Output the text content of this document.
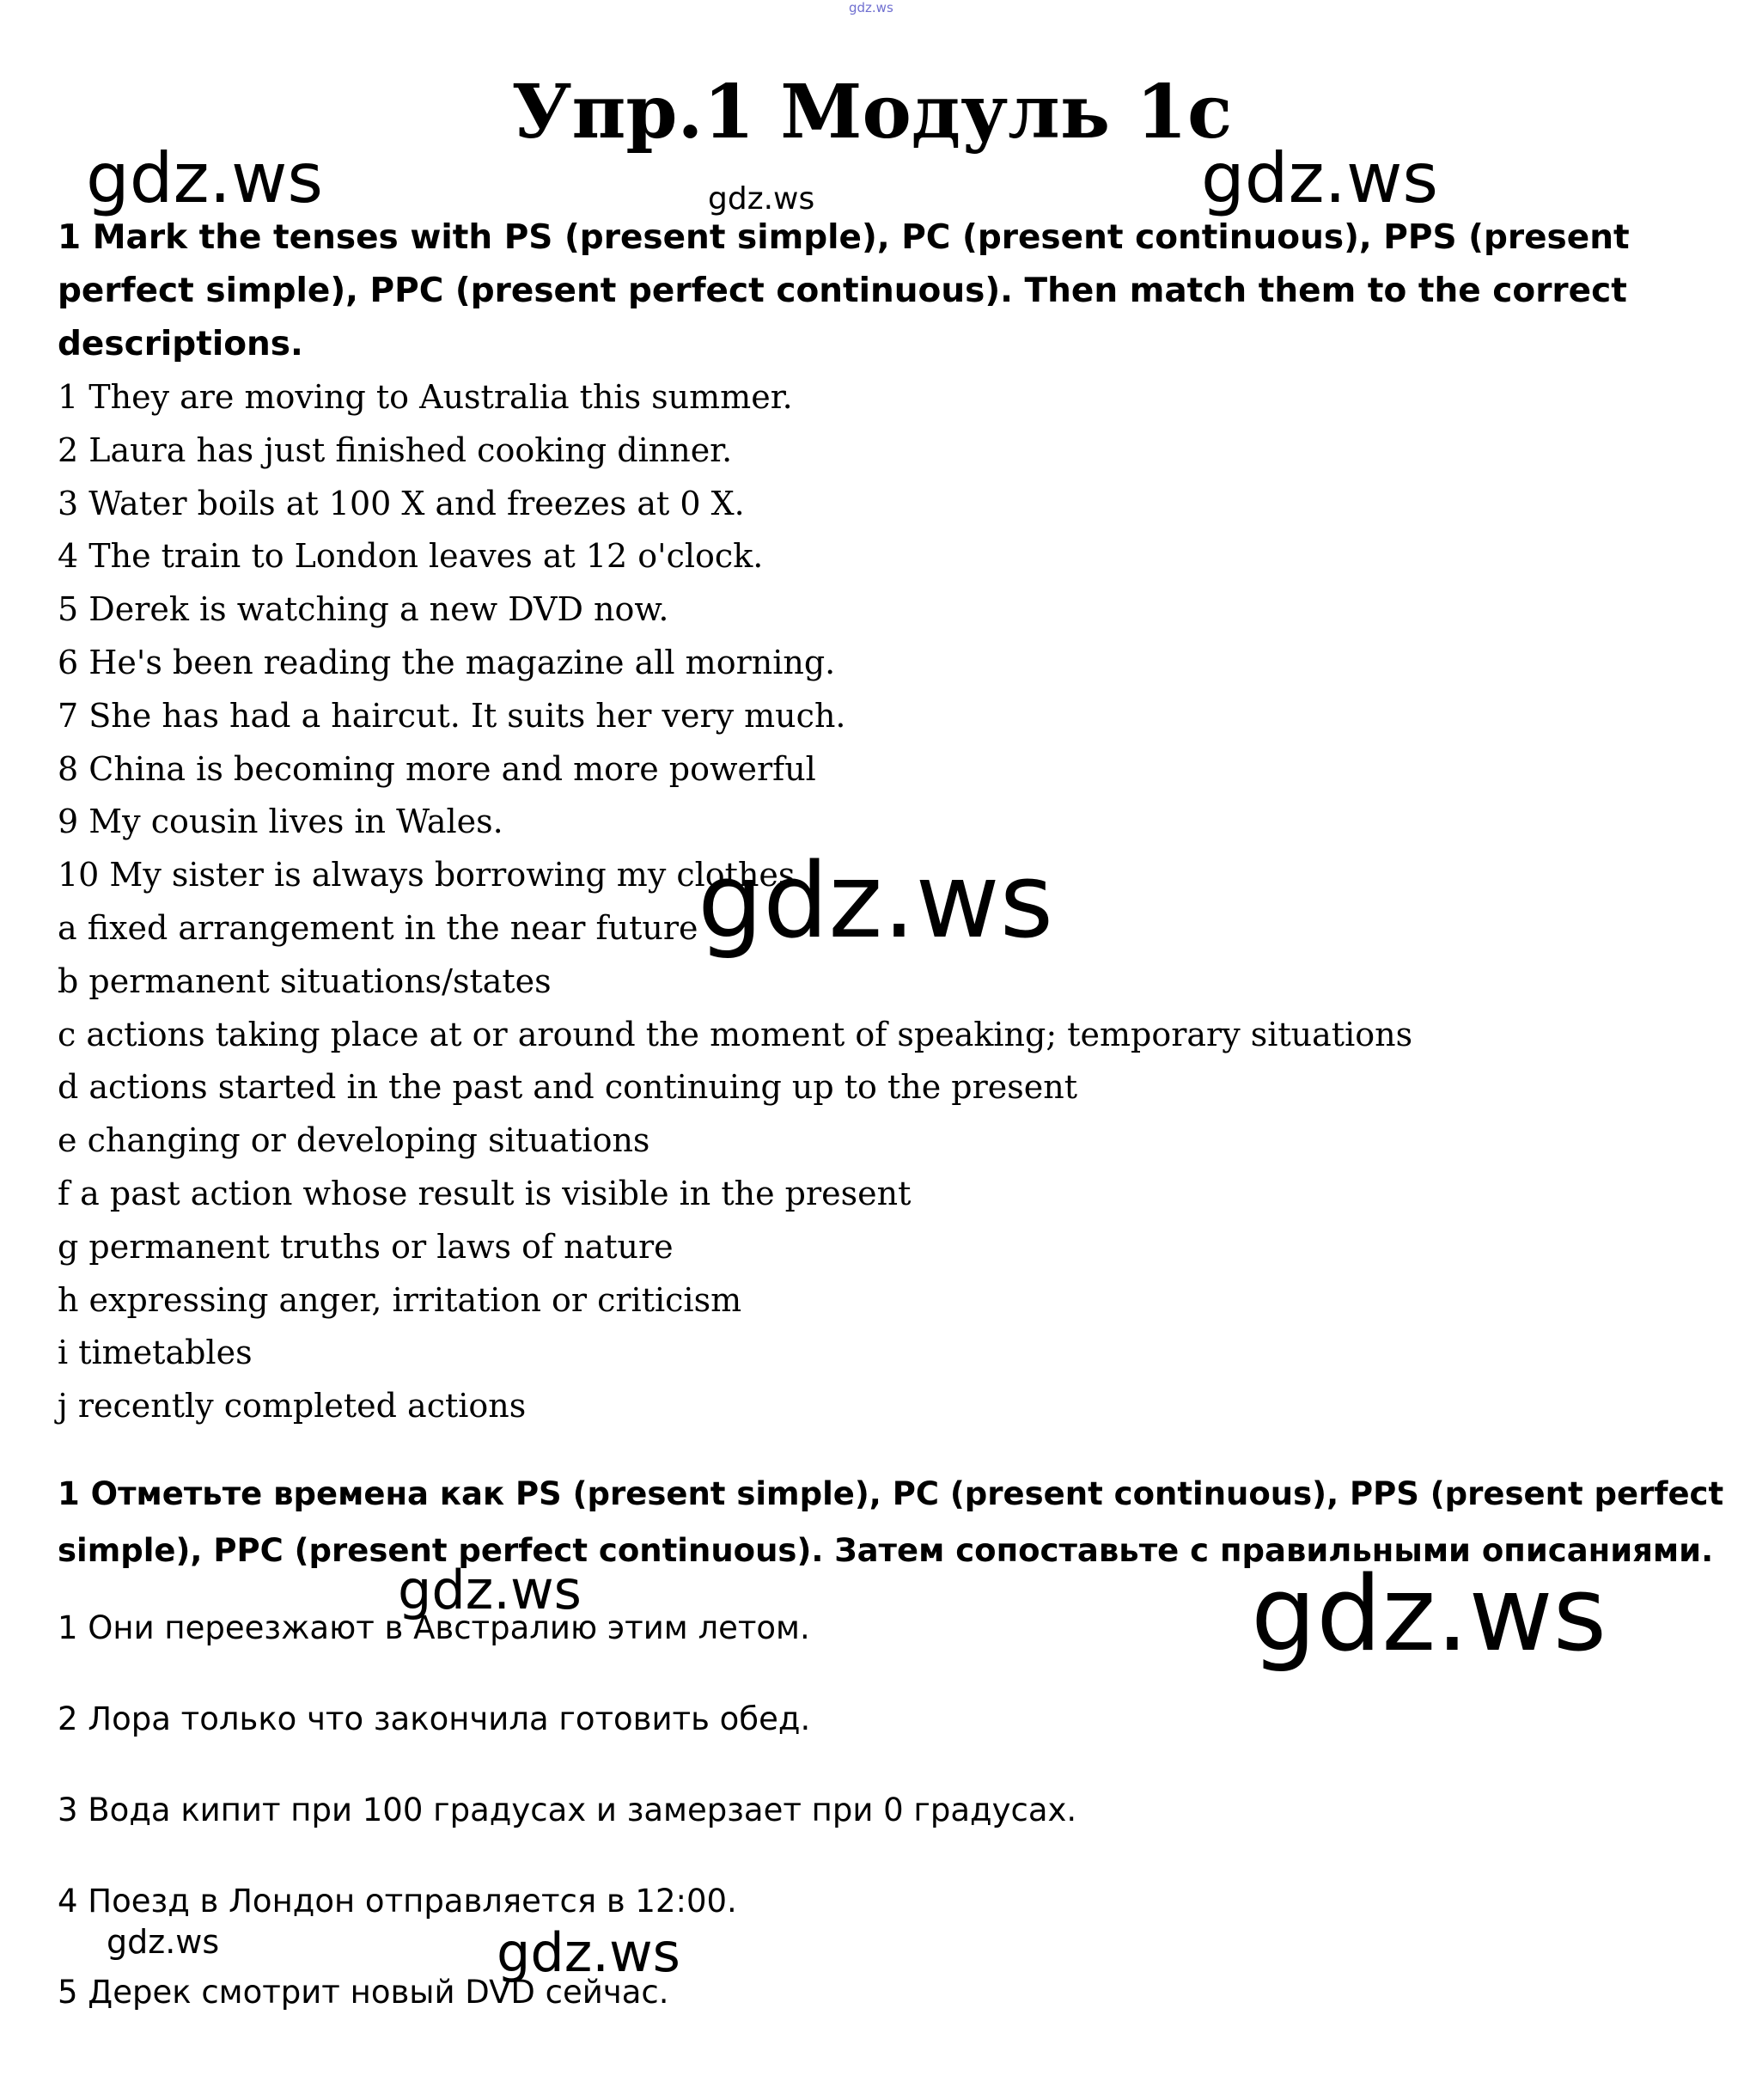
gdz.ws
gdz.ws	gdz.ws	gdz.ws
Упр.1 Модуль 1с

1 Mark the tenses with PS (present simple), PC (present continuous), PPS (present perfect simple), PPC (present perfect continuous). Then match them to the correct descriptions.

1 They are moving to Australia this summer.
2 Laura has just finished cooking dinner.
3 Water boils at 100 X and freezes at 0 X.
4 The train to London leaves at 12 o'clock.
5 Derek is watching a new DVD now.
6 He's been reading the magazine all morning.
7 She has had a haircut. It suits her very much.
8 China is becoming more and more powerful
9 My cousin lives in Wales.
10 My sister is always borrowing my clothes.
a fixed arrangement in the near future
b permanent situations/states
c actions taking place at or around the moment of speaking; temporary situations
d actions started in the past and continuing up to the present
e changing or developing situations
f a past action whose result is visible in the present
g permanent truths or laws of nature
h expressing anger, irritation or criticism
i timetables
j recently completed actions
gdz.ws

1 Отметьте времена как PS (present simple), PC (present continuous), PPS (present perfect simple), PPC (present perfect continuous). Затем сопоставьте с правильными описаниями.

1 Они переезжают в Австралию этим летом.
2 Лора только что закончила готовить обед.
3 Вода кипит при 100 градусах и замерзает при 0 градусах.
4 Поезд в Лондон отправляется в 12:00.
5 Дерек смотрит новый DVD сейчас.
gdz.ws	gdz.ws
gdz.ws	gdz.ws
